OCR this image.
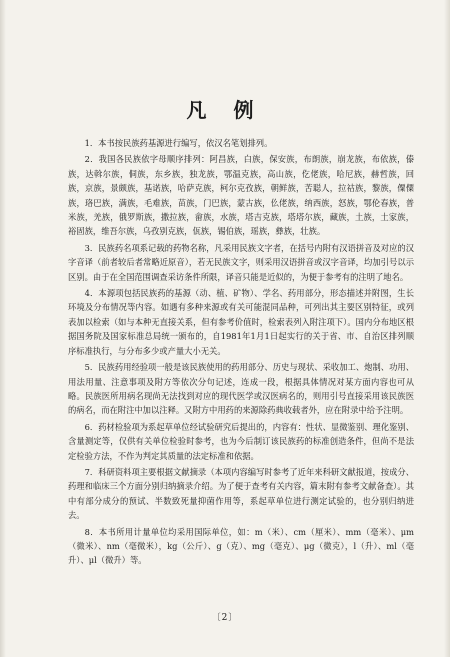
凡 例

1．本书按民族药基源进行编写，依汉名笔划排列。

2．我国各民族依字母顺序排列：阿昌族，白族，保安族，布朗族，崩龙族，布依族，傣族，达斡尔族，侗族，东乡族，独龙族，鄂温克族，高山族，仡佬族，哈尼族，赫哲族，回族，京族，景颇族，基诺族，哈萨克族，柯尔克孜族，朝鲜族，苦聪人，拉祜族，黎族，僳僳族，珞巴族，满族，毛难族，苗族，门巴族，蒙古族，仫佬族，纳西族，怒族，鄂伦春族，普米族，羌族，俄罗斯族，撒拉族，畲族，水族，塔吉克族，塔塔尔族，藏族，土族，土家族，裕固族，维吾尔族，乌孜别克族，佤族，锡伯族，瑶族，彝族，壮族。

3．民族药名项系记载的药物名称，凡采用民族文字者，在括号内附有汉语拼音及对应的汉字音译（前者较后者常略近原音），若无民族文字，则采用汉语拼音或汉字音译，均加引号以示区别。由于在全国范围调查采访条件所限，译音只能是近似的，为便于参考有的注明了地名。

4．本源项包括民族药的基源（动、植、矿物）、学名、药用部分，形态描述并附图，生长环境及分布情况等内容。如遇有多种来源或有关可能混同品种，可列出其主要区别特征，或列表加以检索（如与本种无直接关系，但有参考价值时，检索表列入附注项下）。国内分布地区根据国务院及国家标准总局统一颁布的，自1981年1月1日起实行的关于省、市、自治区排列顺序标准执行，与分布多少或产量大小无关。

5．民族药用经验项一般是该民族使用的药用部分、历史与现状、采收加工、炮制、功用、用法用量、注意事项及附方等依次分句记述，连成一段，根据具体情况对某方面内容也可从略。民族医所用病名现尚无法找到对应的现代医学或汉医病名的，则用引号直接采用该民族医的病名，而在附注中加以注释。又附方中用药的来源除药典收载者外，应在附录中给予注明。

6．药材检验项为系起草单位经试验研究后提出的，内容有：性状、显微鉴别、理化鉴别、含量测定等，仅供有关单位检验时参考，也为今后制订该民族药的标准创造条件，但尚不是法定检验方法，不作为判定其质量的法定标准和依据。

7．科研资料项主要根据文献摘录（本项内容编写时参考了近年来科研文献报道，按成分、药理和临床三个方面分别归纳摘录介绍。为了便于查考有关内容，篇末附有参考文献备查）。其中有部分成分的预试、半数致死量抑菌作用等，系起草单位进行测定试验的，也分别归纳进去。

8．本书所用计量单位均采用国际单位，如：m（米）、cm（厘米）、mm（毫米）、μm（微米）、nm（毫微米），kg（公斤）、g（克）、mg（毫克）、μg（微克），l（升）、ml（毫升）、μl（微升）等。

〔2〕
